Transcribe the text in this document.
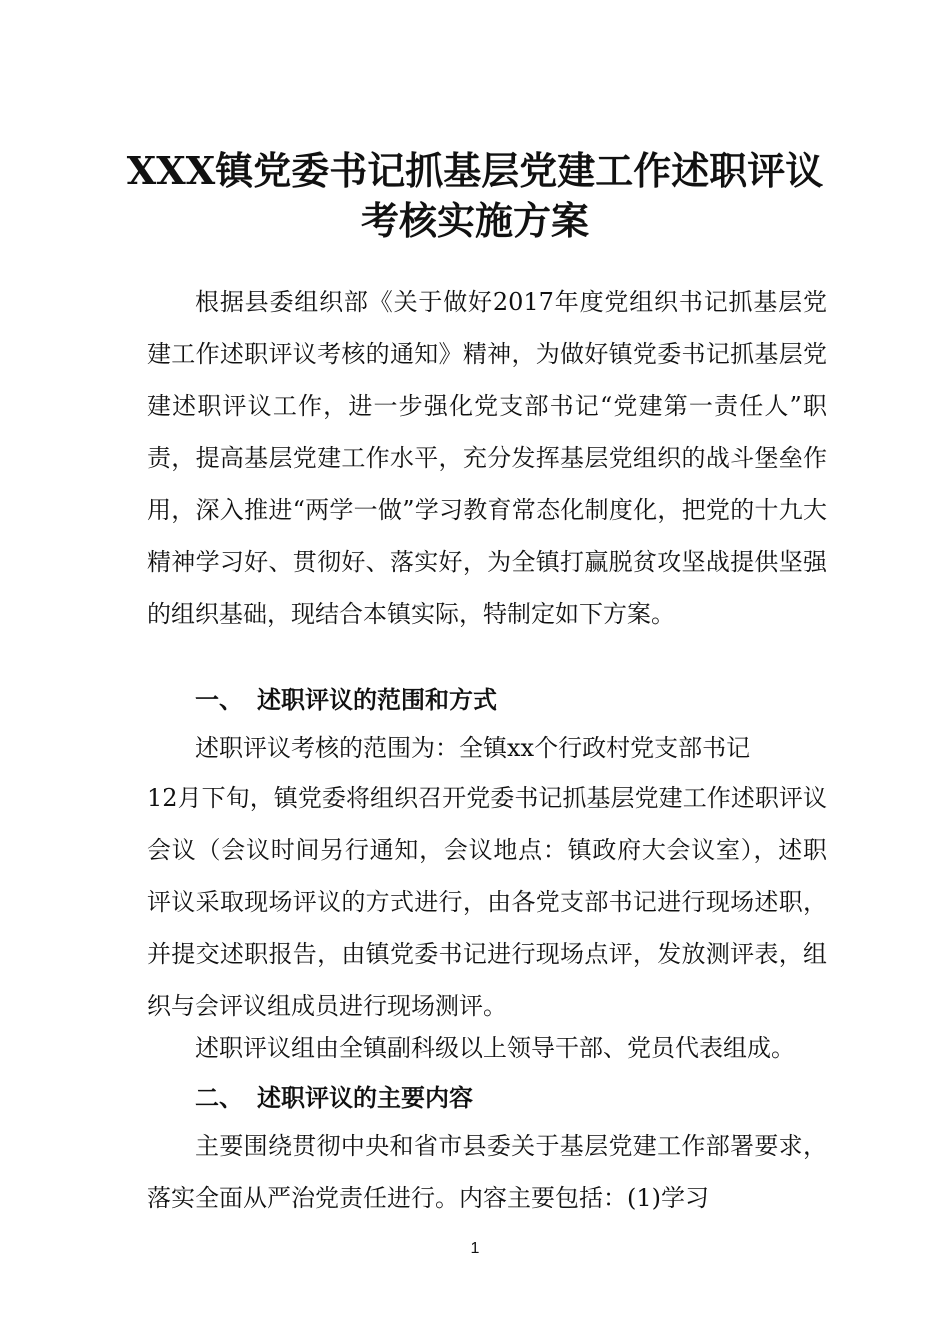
XXX镇党委书记抓基层党建工作述职评议
考核实施方案

根据县委组织部《关于做好2017年度党组织书记抓基层党建工作述职评议考核的通知》精神，为做好镇党委书记抓基层党建述职评议工作，进一步强化党支部书记“党建第一责任人”职责，提高基层党建工作水平，充分发挥基层党组织的战斗堡垒作用，深入推进“两学一做”学习教育常态化制度化，把党的十九大精神学习好、贯彻好、落实好，为全镇打赢脱贫攻坚战提供坚强的组织基础，现结合本镇实际，特制定如下方案。

一、 述职评议的范围和方式

述职评议考核的范围为：全镇xx个行政村党支部书记

12月下旬，镇党委将组织召开党委书记抓基层党建工作述职评议会议（会议时间另行通知，会议地点：镇政府大会议室），述职评议采取现场评议的方式进行，由各党支部书记进行现场述职，并提交述职报告，由镇党委书记进行现场点评，发放测评表，组织与会评议组成员进行现场测评。

述职评议组由全镇副科级以上领导干部、党员代表组成。

二、 述职评议的主要内容

主要围绕贯彻中央和省市县委关于基层党建工作部署要求，落实全面从严治党责任进行。内容主要包括：(1)学习

1
